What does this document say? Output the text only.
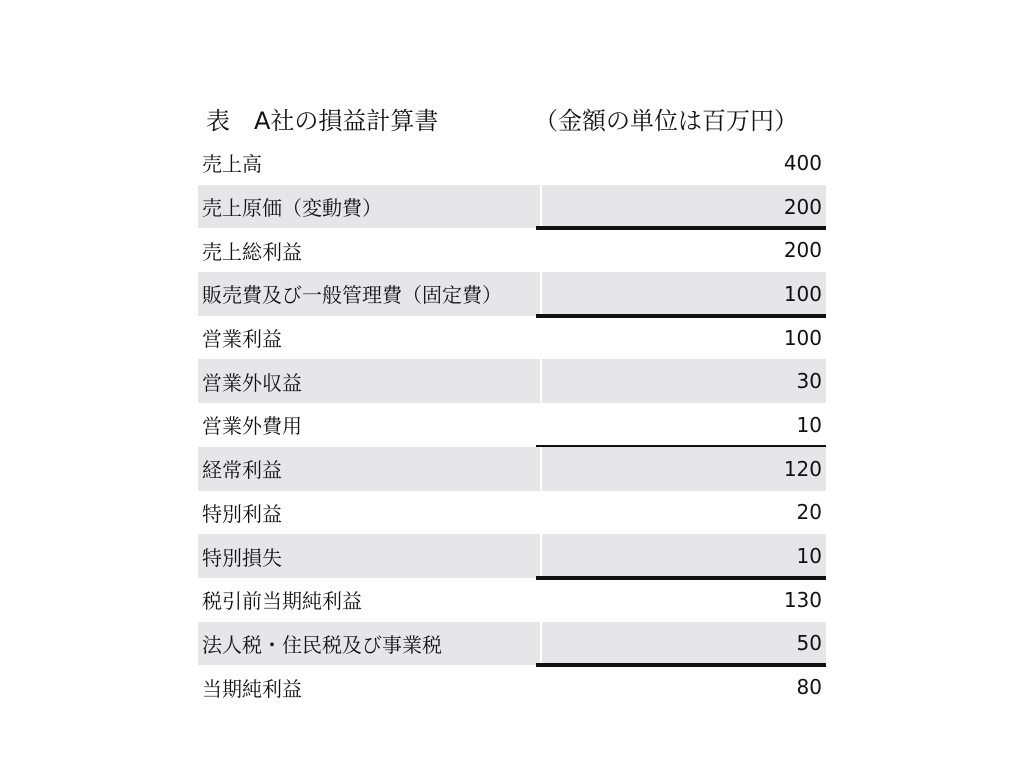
表　A社の損益計算書	（金額の単位は百万円）
売上高	400
売上原価（変動費）	200
売上総利益	200
販売費及び一般管理費（固定費）	100
営業利益	100
営業外収益	30
営業外費用	10
経常利益	120
特別利益	20
特別損失	10
税引前当期純利益	130
法人税・住民税及び事業税	50
当期純利益	80
